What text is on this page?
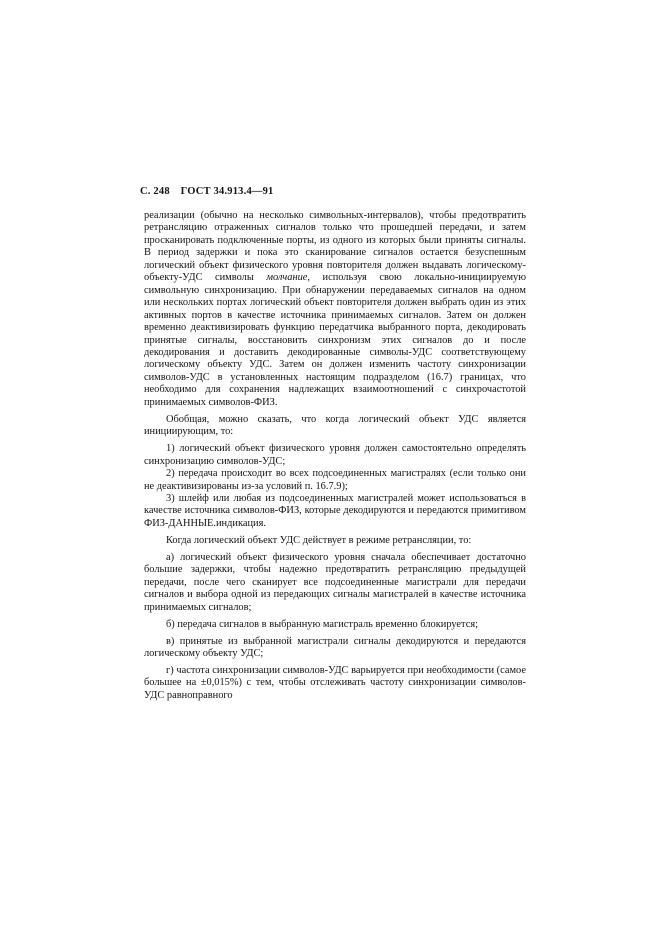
С. 248 ГОСТ 34.913.4—91

реализации (обычно на несколько символьных-интервалов), чтобы предотвратить ретрансляцию отраженных сигналов только что прошедшей передачи, и затем просканировать подключенные порты, из одного из которых были приняты сигналы. В период задержки и пока это сканирование сигналов остается безуспешным логический объект физического уровня повторителя должен выдавать логическому-объекту-УДС символы молчание, используя свою локально-инициируемую символьную синхронизацию. При обнаружении передаваемых сигналов на одном или нескольких портах логический объект повторителя должен выбрать один из этих активных портов в качестве источника принимаемых сигналов. Затем он должен временно деактивизировать функцию передатчика выбранного порта, декодировать принятые сигналы, восстановить синхронизм этих сигналов до и после декодирования и доставить декодированные символы-УДС соответствующему логическому объекту УДС. Затем он должен изменить частоту синхронизации символов-УДС в установленных настоящим подразделом (16.7) границах, что необходимо для сохранения надлежащих взаимоотношений с синхрочастотой принимаемых символов-ФИЗ.

Обобщая, можно сказать, что когда логический объект УДС является инициирующим, то:

1) логический объект физического уровня должен самостоятельно определять синхронизацию символов-УДС;

2) передача происходит во всех подсоединенных магистралях (если только они не деактивизированы из-за условий п. 16.7.9);

3) шлейф или любая из подсоединенных магистралей может использоваться в качестве источника символов-ФИЗ, которые декодируются и передаются примитивом ФИЗ-ДАННЫЕ.индикация.

Когда логический объект УДС действует в режиме ретрансляции, то:

а) логический объект физического уровня сначала обеспечивает достаточно большие задержки, чтобы надежно предотвратить ретрансляцию предыдущей передачи, после чего сканирует все подсоединенные магистрали для передачи сигналов и выбора одной из передающих сигналы магистралей в качестве источника принимаемых сигналов;

б) передача сигналов в выбранную магистраль временно блокируется;

в) принятые из выбранной магистрали сигналы декодируются и передаются логическому объекту УДС;

г) частота синхронизации символов-УДС варьируется при необходимости (самое большее на ±0,015%) с тем, чтобы отслеживать частоту синхронизации символов-УДС равноправного
